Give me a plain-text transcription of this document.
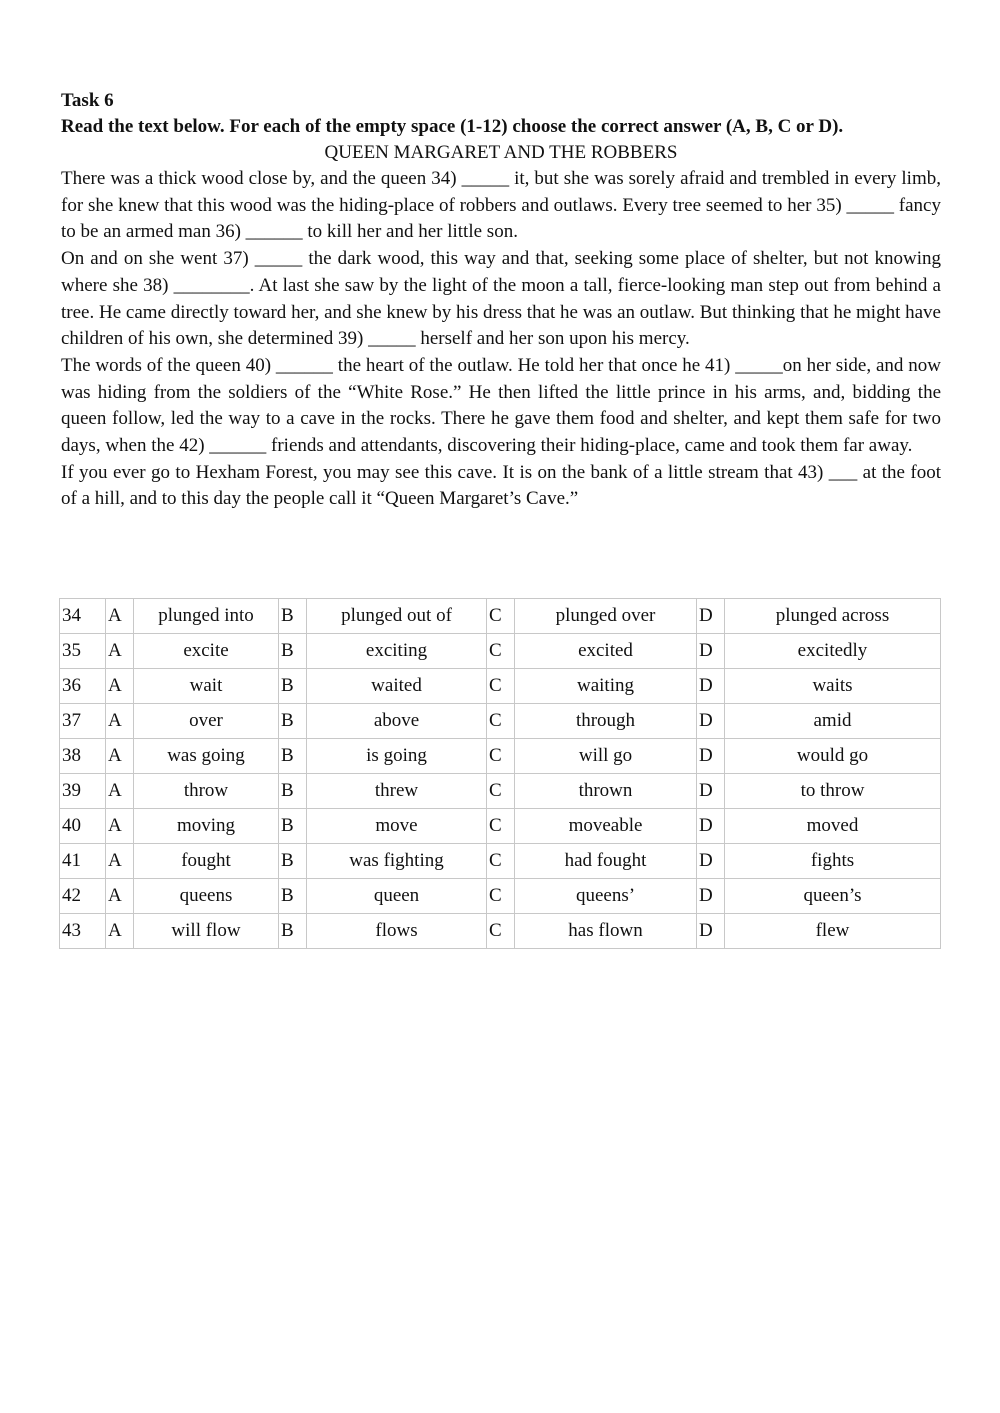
Task 6

Read the text below. For each of the empty space (1-12) choose the correct answer (A, B, C or D).

QUEEN MARGARET AND THE ROBBERS

There was a thick wood close by, and the queen 34) _____ it, but she was sorely afraid and trembled in every limb, for she knew that this wood was the hiding-place of robbers and outlaws. Every tree seemed to her 35) _____ fancy to be an armed man 36) ______ to kill her and her little son.

On and on she went 37) _____ the dark wood, this way and that, seeking some place of shelter, but not knowing where she 38) ________. At last she saw by the light of the moon a tall, fierce-looking man step out from behind a tree. He came directly toward her, and she knew by his dress that he was an outlaw. But thinking that he might have children of his own, she determined 39) _____ herself and her son upon his mercy.

The words of the queen 40) ______ the heart of the outlaw. He told her that once he 41) _____on her side, and now was hiding from the soldiers of the “White Rose.” He then lifted the little prince in his arms, and, bidding the queen follow, led the way to a cave in the rocks. There he gave them food and shelter, and kept them safe for two days, when the 42) ______ friends and attendants, discovering their hiding-place, came and took them far away.

If you ever go to Hexham Forest, you may see this cave. It is on the bank of a little stream that 43) ___ at the foot of a hill, and to this day the people call it “Queen Margaret’s Cave.”

34	A	plunged into	B	plunged out of	C	plunged over	D	plunged across
35	A	excite	B	exciting	C	excited	D	excitedly
36	A	wait	B	waited	C	waiting	D	waits
37	A	over	B	above	C	through	D	amid
38	A	was going	B	is going	C	will go	D	would go
39	A	throw	B	threw	C	thrown	D	to throw
40	A	moving	B	move	C	moveable	D	moved
41	A	fought	B	was fighting	C	had fought	D	fights
42	A	queens	B	queen	C	queens’	D	queen’s
43	A	will flow	B	flows	C	has flown	D	flew
